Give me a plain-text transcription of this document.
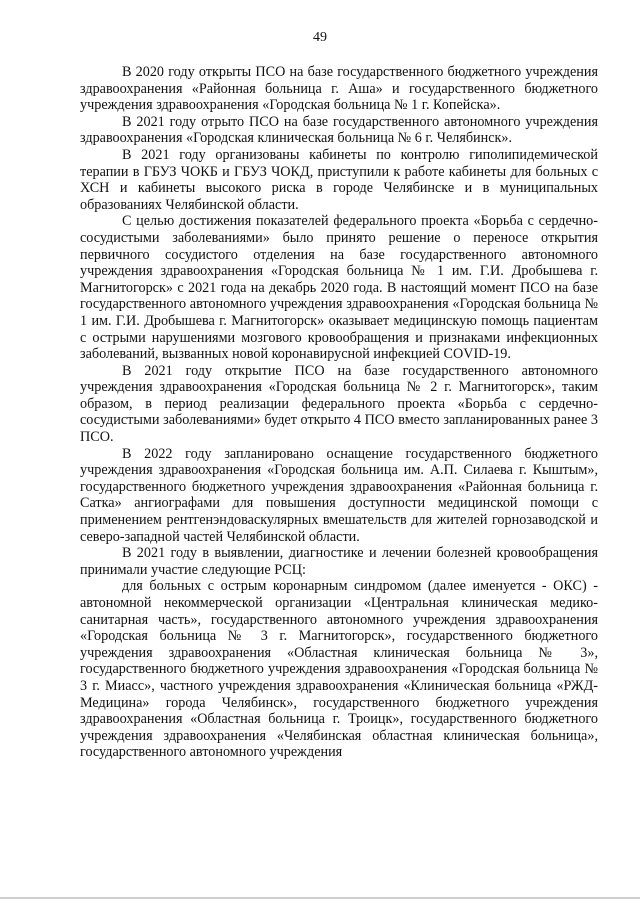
49

В 2020 году открыты ПСО на базе государственного бюджетного учреждения здравоохранения «Районная больница г. Аша» и государственного бюджетного учреждения здравоохранения «Городская больница № 1 г. Копейска».

В 2021 году отрыто ПСО на базе государственного автономного учреждения здравоохранения «Городская клиническая больница № 6 г. Челябинск».

В 2021 году организованы кабинеты по контролю гиполипидемической терапии в ГБУЗ ЧОКБ и ГБУЗ ЧОКД, приступили к работе кабинеты для больных с ХСН и кабинеты высокого риска в городе Челябинске и в муниципальных образованиях Челябинской области.

С целью достижения показателей федерального проекта «Борьба с сердечно-сосудистыми заболеваниями» было принято решение о переносе открытия первичного сосудистого отделения на базе государственного автономного учреждения здравоохранения «Городская больница № 1 им. Г.И. Дробышева г. Магнитогорск» с 2021 года на декабрь 2020 года. В настоящий момент ПСО на базе государственного автономного учреждения здравоохранения «Городская больница № 1 им. Г.И. Дробышева г. Магнитогорск» оказывает медицинскую помощь пациентам с острыми нарушениями мозгового кровообращения и признаками инфекционных заболеваний, вызванных новой коронавирусной инфекцией COVID-19.

В 2021 году открытие ПСО на базе государственного автономного учреждения здравоохранения «Городская больница № 2 г. Магнитогорск», таким образом, в период реализации федерального проекта «Борьба с сердечно-сосудистыми заболеваниями» будет открыто 4 ПСО вместо запланированных ранее 3 ПСО.

В 2022 году запланировано оснащение государственного бюджетного учреждения здравоохранения «Городская больница им. А.П. Силаева г. Кыштым», государственного бюджетного учреждения здравоохранения «Районная больница г. Сатка» ангиографами для повышения доступности медицинской помощи с применением рентгенэндоваскулярных вмешательств для жителей горнозаводской и северо-западной частей Челябинской области.

В 2021 году в выявлении, диагностике и лечении болезней кровообращения принимали участие следующие РСЦ:

для больных с острым коронарным синдромом (далее именуется - ОКС) - автономной некоммерческой организации «Центральная клиническая медико-санитарная часть», государственного автономного учреждения здравоохранения «Городская больница № 3 г. Магнитогорск», государственного бюджетного учреждения здравоохранения «Областная клиническая больница № 3», государственного бюджетного учреждения здравоохранения «Городская больница № 3 г. Миасс», частного учреждения здравоохранения «Клиническая больница «РЖД-Медицина» города Челябинск», государственного бюджетного учреждения здравоохранения «Областная больница г. Троицк», государственного бюджетного учреждения здравоохранения «Челябинская областная клиническая больница», государственного автономного учреждения
